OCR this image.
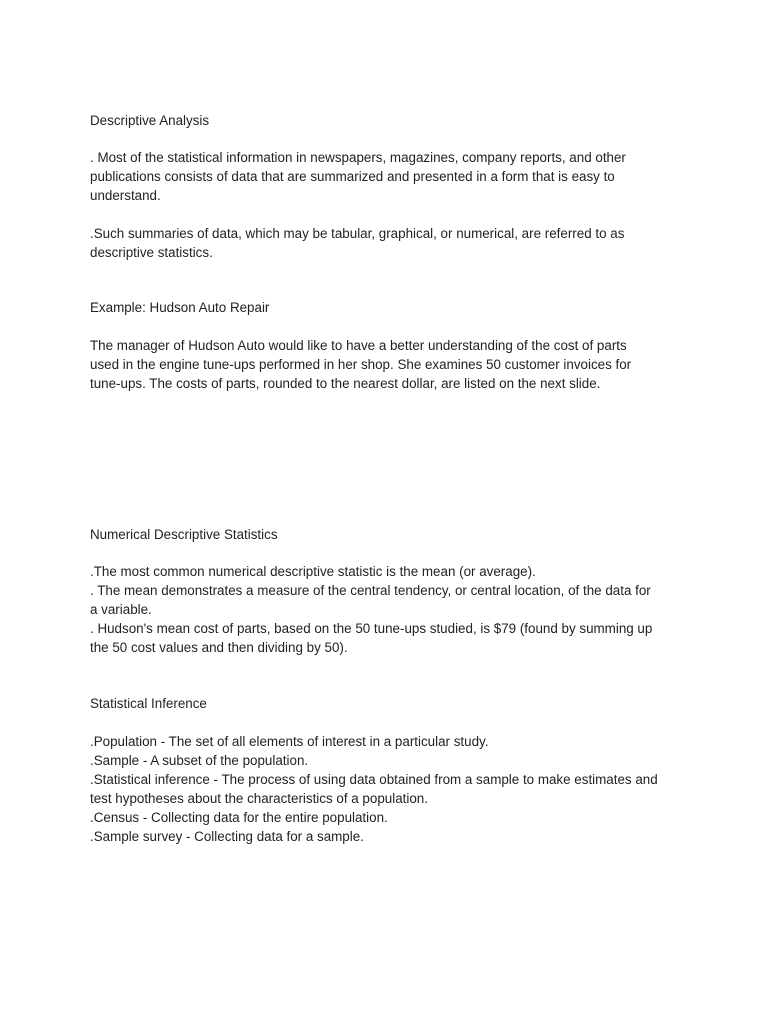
Descriptive Analysis

. Most of the statistical information in newspapers, magazines, company reports, and other

publications consists of data that are summarized and presented in a form that is easy to

understand.

.Such summaries of data, which may be tabular, graphical, or numerical, are referred to as

descriptive statistics.

Example: Hudson Auto Repair

The manager of Hudson Auto would like to have a better understanding of the cost of parts

used in the engine tune-ups performed in her shop. She examines 50 customer invoices for

tune-ups. The costs of parts, rounded to the nearest dollar, are listed on the next slide.

Numerical Descriptive Statistics

.The most common numerical descriptive statistic is the mean (or average).

. The mean demonstrates a measure of the central tendency, or central location, of the data for

a variable.

. Hudson's mean cost of parts, based on the 50 tune-ups studied, is $79 (found by summing up

the 50 cost values and then dividing by 50).

Statistical Inference

.Population - The set of all elements of interest in a particular study.

.Sample - A subset of the population.

.Statistical inference - The process of using data obtained from a sample to make estimates and

test hypotheses about the characteristics of a population.

.Census - Collecting data for the entire population.

.Sample survey - Collecting data for a sample.
